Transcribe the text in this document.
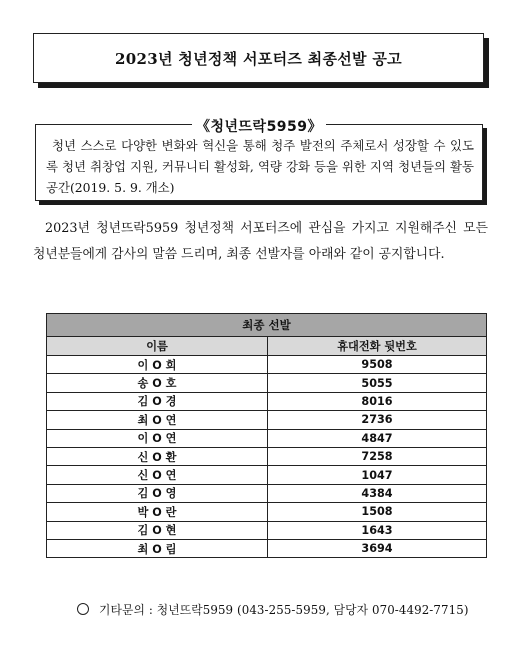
2023년 청년정책 서포터즈 최종선발 공고
청년 스스로 다양한 변화와 혁신을 통해 청주 발전의 주체로서 성장할 수 있도록 청년 취창업 지원, 커뮤니티 활성화, 역량 강화 등을 위한 지역 청년들의 활동 공간(2019. 5. 9. 개소)
《청년뜨락5959》
2023년 청년뜨락5959 청년정책 서포터즈에 관심을 가지고 지원해주신 모든 청년분들에게 감사의 말씀 드리며, 최종 선발자를 아래와 같이 공지합니다.
최종 선발	
이름	휴대전화 뒷번호
이 O 희	9508
송 O 호	5055
김 O 경	8016
최 O 연	2736
이 O 연	4847
신 O 환	7258
신 O 연	1047
김 O 영	4384
박 O 란	1508
김 O 현	1643
최 O 림	3694
기타문의 : 청년뜨락5959 (043-255-5959, 담당자 070-4492-7715)
